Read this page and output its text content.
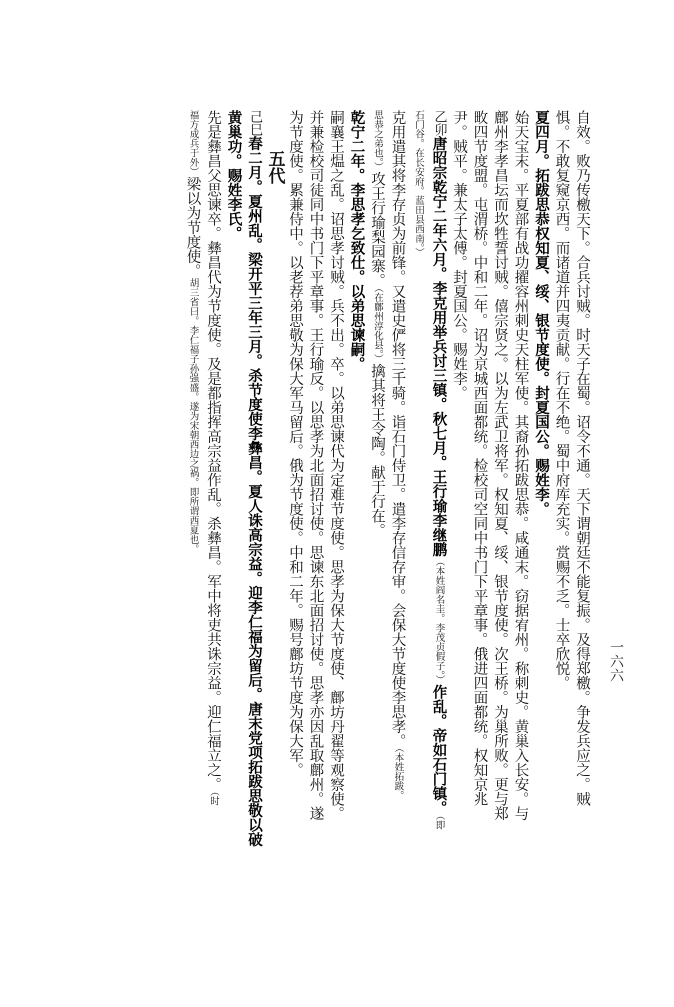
一六六
自效。败乃传檄天下。合兵讨贼。时天子在蜀。诏令不通。天下谓朝廷不能复振。及得郑檄。争发兵应之。贼
惧。不敢复窥京西。而诸道并四夷贡献。行在不绝。蜀中府库充实。赏赐不乏。士卒欣悦。
夏四月。拓跋思恭权知夏、绥、银节度使。封夏国公。赐姓李。
始天宝末。平夏部有战功擢容州刺史天柱军使。其裔孙拓跋思恭。咸通末。窃据宥州。称刺史。黄巢入长安。与
鄜州李孝昌坛而坎牲誓讨贼。僖宗贤之。以为左武卫将军。权知夏、绥、银节度使。次王桥。为巢所败。更与郑
畋四节度盟。屯渭桥。中和二年。诏为京城西面都统。检校司空同中书门下平章事。俄进四面都统。权知京兆
尹。贼平。兼太子太傅。封夏国公。赐姓李。
乙卯唐昭宗乾宁二年六月。李克用举兵讨三镇。秋七月。王行瑜李继鹏（本姓阎名圭。李茂贞假子。）作乱。帝如石门镇。（即
石门谷。在长安府。蓝田县西南。）
克用遣其将李存贞为前锋。又遣史俨将三千骑。诣石门侍卫。遣李存信存审。会保大节度使李思孝。（本姓拓跋。
思恭之弟也。）攻王行瑜梨园寨。（在鄜州淳化县。）擒其将王令陶。献于行在。
乾宁二年。李思孝乞致仕。以弟思谏嗣。
嗣襄王煴之乱。诏思孝讨贼。兵不出。卒。以弟思谏代为定难节度使。思孝为保大节度使、鄜坊丹翟等观察使。
并兼检校司徒同中书门下平章事。王行瑜反。以思孝为北面招讨使。思谏东北面招讨使。思孝亦因乱取鄜州。遂
为节度使。累兼侍中。以老荐弟思敬为保大军马留后。俄为节度使。中和二年。赐号鄜坊节度为保大军。
五代
己巳春二月。夏州乱。梁开平三年三月。杀节度使李彝昌。夏人诛高宗益。迎李仁福为留后。唐末党项拓跋思敬以破
黄巢功。赐姓李氏。
先是彝昌父思谏卒。彝昌代为节度使。及是都指挥高宗益作乱。杀彝昌。军中将吏共诛宗益。迎仁福立之。（时
福方成兵于外）梁以为节度使。胡三省曰。李仁福子孙强盛。遂为宋朝西边之祸。即所谓西夏也。
